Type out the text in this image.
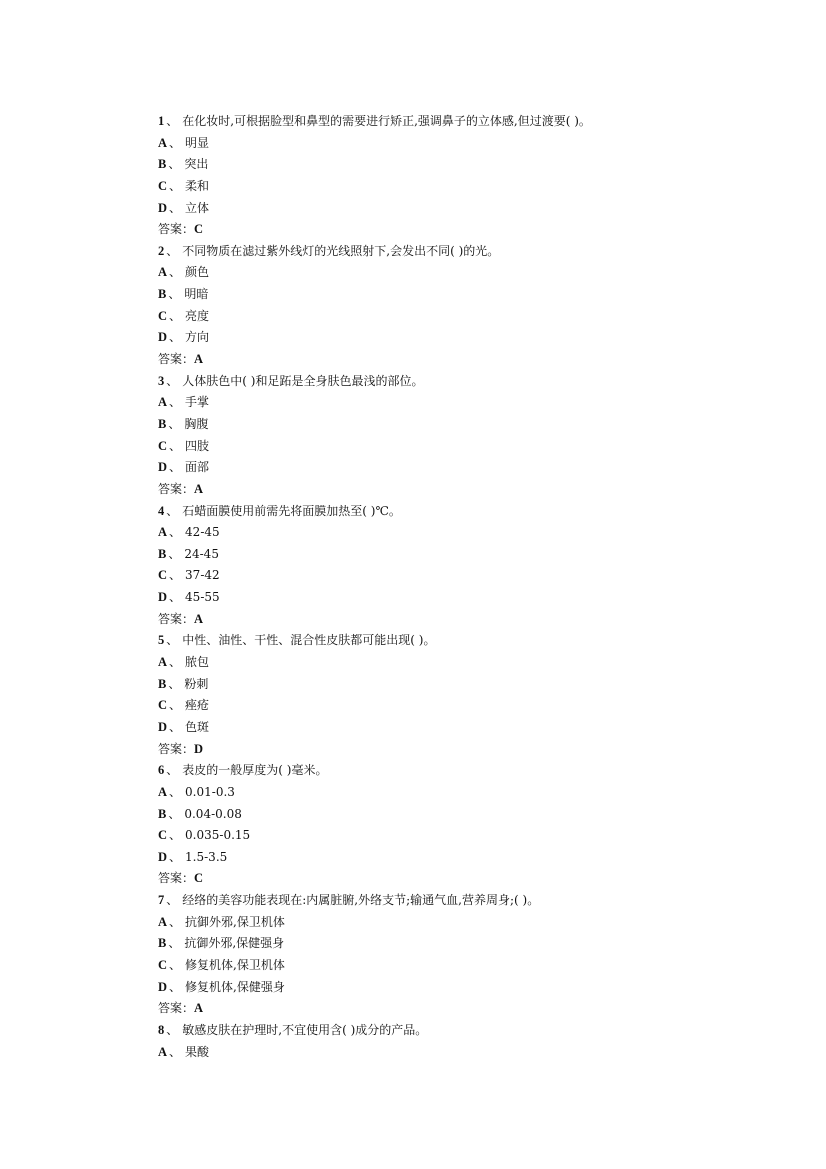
1 、 在化妆时,可根据脸型和鼻型的需要进行矫正,强调鼻子的立体感,但过渡要( )。
A 、 明显
B 、 突出
C 、 柔和
D 、 立体
答案：C
2 、 不同物质在滤过紫外线灯的光线照射下,会发出不同( )的光。
A 、 颜色
B 、 明暗
C 、 亮度
D 、 方向
答案：A
3 、 人体肤色中( )和足跖是全身肤色最浅的部位。
A 、 手掌
B 、 胸腹
C 、 四肢
D 、 面部
答案：A
4 、 石蜡面膜使用前需先将面膜加热至( )℃。
A 、 42-45
B 、 24-45
C 、 37-42
D 、 45-55
答案：A
5 、 中性、油性、干性、混合性皮肤都可能出现( )。
A 、 脓包
B 、 粉刺
C 、 痤疮
D 、 色斑
答案：D
6 、 表皮的一般厚度为( )毫米。
A 、 0.01-0.3
B 、 0.04-0.08
C 、 0.035-0.15
D 、 1.5-3.5
答案：C
7 、 经络的美容功能表现在:内属脏腑,外络支节;输通气血,营养周身;( )。
A 、 抗御外邪,保卫机体
B 、 抗御外邪,保健强身
C 、 修复机体,保卫机体
D 、 修复机体,保健强身
答案：A
8 、 敏感皮肤在护理时,不宜使用含( )成分的产品。
A 、 果酸
